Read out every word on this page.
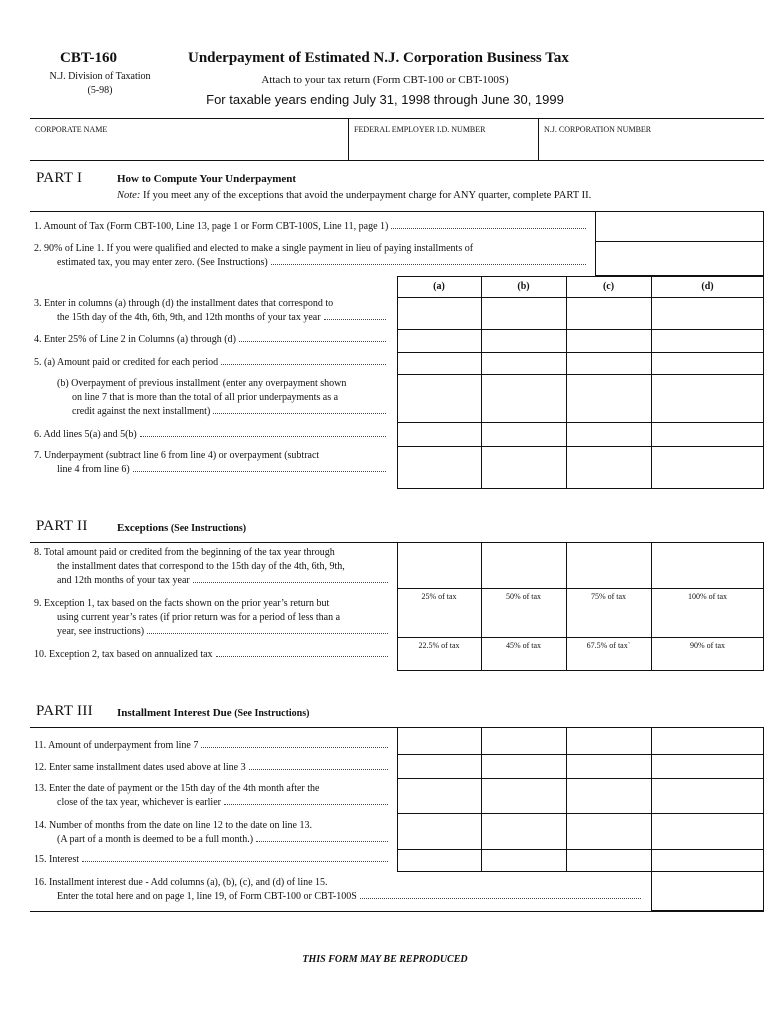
CBT-160
N.J. Division of Taxation
(5-98)
Underpayment of Estimated N.J. Corporation Business Tax
Attach to your tax return (Form CBT-100 or CBT-100S)
For taxable years ending July 31, 1998 through June 30, 1999
CORPORATE NAME	FEDERAL EMPLOYER I.D. NUMBER	N.J. CORPORATION NUMBER
PART I	How to Compute Your Underpayment
Note: If you meet any of the exceptions that avoid the underpayment charge for ANY quarter, complete PART II.
1. Amount of Tax (Form CBT-100, Line 13, page 1 or Form CBT-100S, Line 11, page 1)
2. 90% of Line 1. If you were qualified and elected to make a single payment in lieu of paying installments of
estimated tax, you may enter zero. (See Instructions)
(a)	(b)	(c)	(d)
3. Enter in columns (a) through (d) the installment dates that correspond to
the 15th day of the 4th, 6th, 9th, and 12th months of your tax year
4. Enter 25% of Line 2 in Columns (a) through (d)
5. (a) Amount paid or credited for each period
(b) Overpayment of previous installment (enter any overpayment shown
on line 7 that is more than the total of all prior underpayments as a
credit against the next installment)
6. Add lines 5(a) and 5(b)
7. Underpayment (subtract line 6 from line 4) or overpayment (subtract
line 4 from line 6)
PART II	Exceptions (See Instructions)
25% of tax	50% of tax	75% of tax	100% of tax
22.5% of tax	45% of tax	67.5% of tax`	90% of tax
8. Total amount paid or credited from the beginning of the tax year through
the installment dates that correspond to the 15th day of the 4th, 6th, 9th,
and 12th months of your tax year
9. Exception 1, tax based on the facts shown on the prior year’s return but
using current year’s rates (if prior return was for a period of less than a
year, see instructions)
10. Exception 2, tax based on annualized tax
PART III Installment Interest Due (See Instructions)
11. Amount of underpayment from line 7
12. Enter same installment dates used above at line 3
13. Enter the date of payment or the 15th day of the 4th month after the
close of the tax year, whichever is earlier
14. Number of months from the date on line 12 to the date on line 13.
(A part of a month is deemed to be a full month.)
15. Interest
16. Installment interest due - Add columns (a), (b), (c), and (d) of line 15.
Enter the total here and on page 1, line 19, of Form CBT-100 or CBT-100S
THIS FORM MAY BE REPRODUCED
